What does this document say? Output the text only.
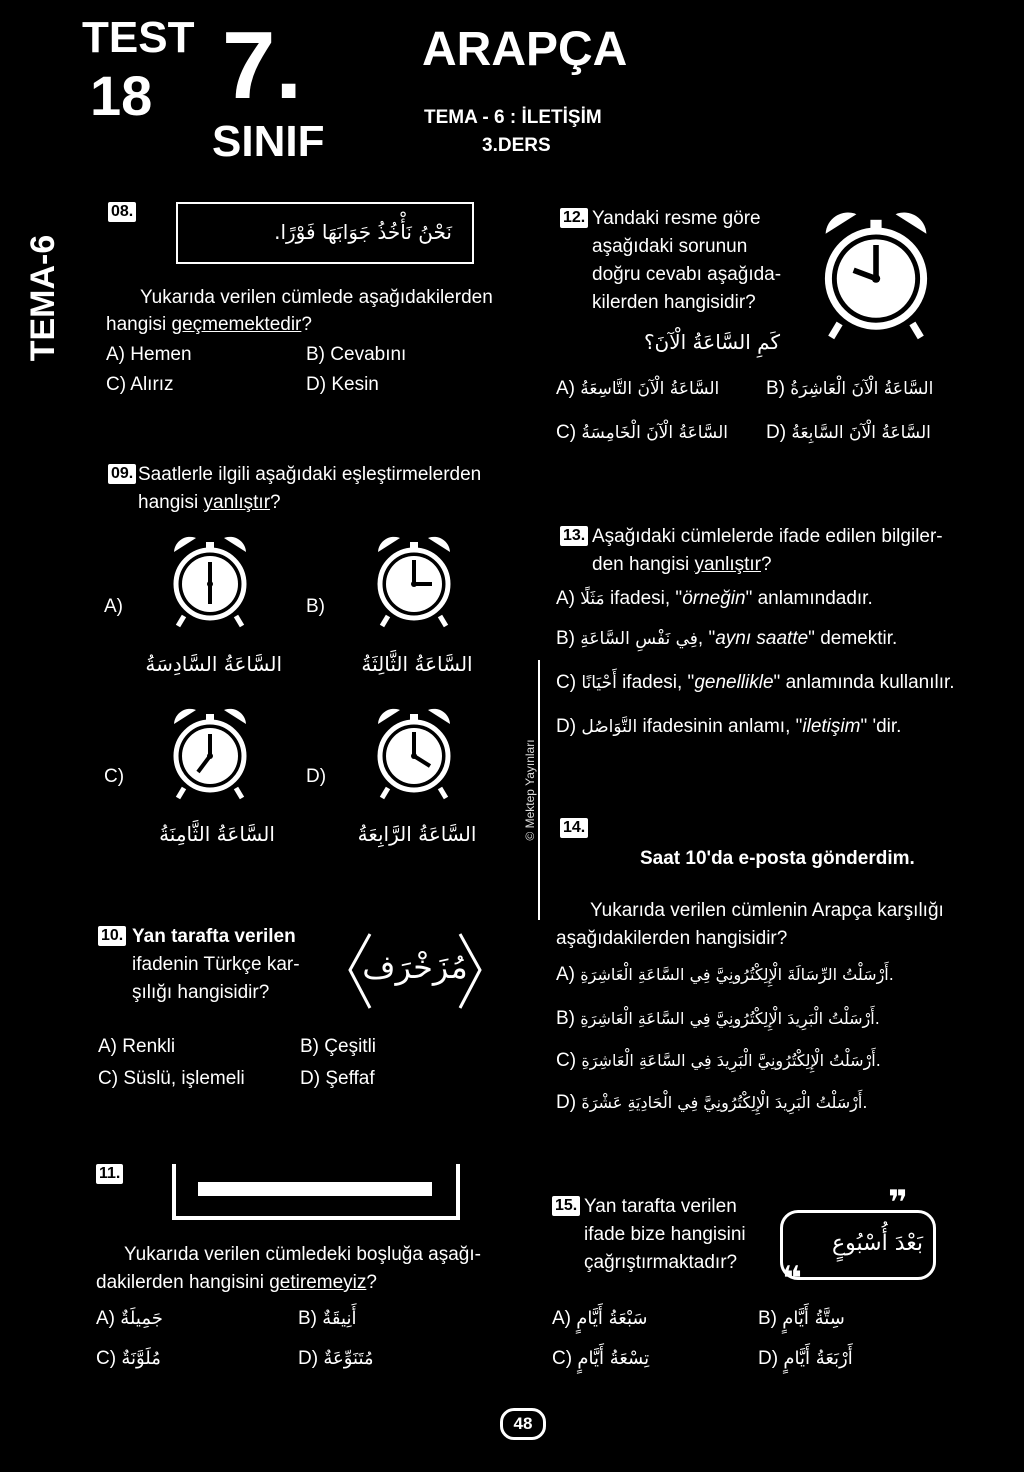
TEST
18 7.
SINIF
ARAPÇA
TEMA - 6 : İLETİŞİM
3.DERS
TEMA-6
© Mektep Yayınları
08.
نَحْنُ نَأْخُذُ جَوَابَهَا فَوْرًا.
Yukarıda verilen cümlede aşağıdakilerden
hangisi geçmemektedir?
A) Hemen	B) Cevabını
C) Alırız	D) Kesin
09. Saatlerle ilgili aşağıdaki eşleştirmelerden
hangisi yanlıştır?
A)
السَّاعَةُ السَّادِسَةُ
B)
السَّاعَةُ الثَّالِثَةُ
C)
السَّاعَةُ الثَّامِنَةُ
D)
السَّاعَةُ الرَّابِعَةُ
10. Yan tarafta verilen
ifadenin Türkçe kar-
şılığı hangisidir?
مُزَخْرَف
A) Renkli	B) Çeşitli
C) Süslü, işlemeli	D) Şeffaf
11.
Yukarıda verilen cümledeki boşluğa aşağı-
dakilerden hangisini getiremeyiz?
A) جَمِيلَةٌ	B) أَنِيقَةٌ
C) مُلَوَّنَةٌ	D) مُتَنَوِّعَةٌ
12. Yandaki resme göre
aşağıdaki sorunun
doğru cevabı aşağıda-
kilerden hangisidir?
كَمِ السَّاعَةُ الْآنَ؟
A) السَّاعَةُ الْآنَ التَّاسِعَةُ B) السَّاعَةُ الْآنَ الْعَاشِرَةُ
C) السَّاعَةُ الْآنَ الْخَامِسَةُ D) السَّاعَةُ الْآنَ السَّابِعَةُ
13. Aşağıdaki cümlelerde ifade edilen bilgiler-
den hangisi yanlıştır?
A) مَثَلًا ifadesi, "örneğin" anlamındadır.
B) فِي نَفْسِ السَّاعَةِ, "aynı saatte" demektir.
C) أَحْيَانًا ifadesi, "genellikle" anlamında kullanılır.
D) التَّوَاصُل ifadesinin anlamı, "iletişim" 'dir.
14.
Saat 10'da e-posta gönderdim.
Yukarıda verilen cümlenin Arapça karşılığı
aşağıdakilerden hangisidir?
A) أَرْسَلْتُ الرِّسَالَةَ الْإِلِكْتُرُونِيَّ فِي السَّاعَةِ الْعَاشِرَةِ.
B) أَرْسَلْتُ الْبَرِيدَ الْإِلِكْتُرُونِيَّ فِي السَّاعَةِ الْعَاشِرَةِ.
C) أَرْسَلْتُ الْإِلِكْتُرُونِيَّ الْبَرِيدَ فِي السَّاعَةِ الْعَاشِرَةِ.
D) أَرْسَلْتُ الْبَرِيدَ الْإِلِكْتُرُونِيَّ فِي الْحَادِيَةِ عَشْرَةَ.
15. Yan tarafta verilen
ifade bize hangisini
çağrıştırmaktadır?
بَعْدَ أُسْبُوعٍ
❞
❝
A) سَبْعَةُ أَيَّامٍ	B) سِتَّةُ أَيَّامٍ
C) تِسْعَةُ أَيَّامٍ	D) أَرْبَعَةُ أَيَّامٍ
48
